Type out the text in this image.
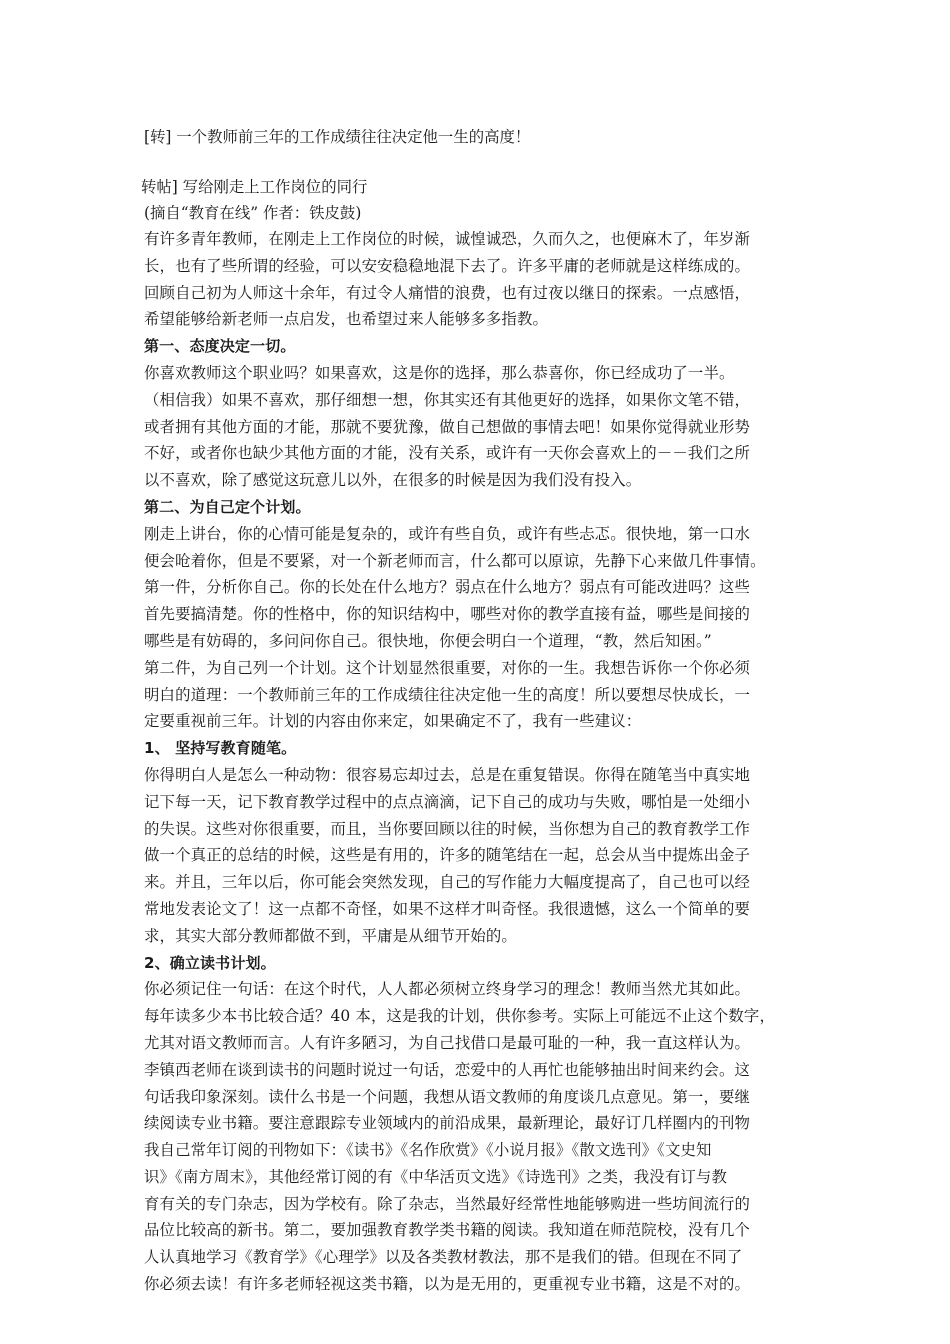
[转] 一个教师前三年的工作成绩往往决定他一生的高度！

转帖] 写给刚走上工作岗位的同行

(摘自“教育在线” 作者：铁皮鼓)

有许多青年教师，在刚走上工作岗位的时候，诚惶诚恐，久而久之，也便麻木了，年岁渐

长，也有了些所谓的经验，可以安安稳稳地混下去了。许多平庸的老师就是这样练成的。

回顾自己初为人师这十余年，有过令人痛惜的浪费，也有过夜以继日的探索。一点感悟，

希望能够给新老师一点启发，也希望过来人能够多多指教。

第一、态度决定一切。

你喜欢教师这个职业吗？如果喜欢，这是你的选择，那么恭喜你，你已经成功了一半。

（相信我）如果不喜欢，那仔细想一想，你其实还有其他更好的选择，如果你文笔不错，

或者拥有其他方面的才能，那就不要犹豫，做自己想做的事情去吧！如果你觉得就业形势

不好，或者你也缺少其他方面的才能，没有关系，或许有一天你会喜欢上的－－我们之所

以不喜欢，除了感觉这玩意儿以外，在很多的时候是因为我们没有投入。

第二、为自己定个计划。

刚走上讲台，你的心情可能是复杂的，或许有些自负，或许有些忐忑。很快地，第一口水

便会呛着你，但是不要紧，对一个新老师而言，什么都可以原谅，先静下心来做几件事情。

第一件，分析你自己。你的长处在什么地方？弱点在什么地方？弱点有可能改进吗？这些

首先要搞清楚。你的性格中，你的知识结构中，哪些对你的教学直接有益，哪些是间接的

哪些是有妨碍的，多问问你自己。很快地，你便会明白一个道理，“教，然后知困。”

第二件，为自己列一个计划。这个计划显然很重要，对你的一生。我想告诉你一个你必须

明白的道理：一个教师前三年的工作成绩往往决定他一生的高度！所以要想尽快成长，一

定要重视前三年。计划的内容由你来定，如果确定不了，我有一些建议：

1、 坚持写教育随笔。

你得明白人是怎么一种动物：很容易忘却过去，总是在重复错误。你得在随笔当中真实地

记下每一天，记下教育教学过程中的点点滴滴，记下自己的成功与失败，哪怕是一处细小

的失误。这些对你很重要，而且，当你要回顾以往的时候，当你想为自己的教育教学工作

做一个真正的总结的时候，这些是有用的，许多的随笔结在一起，总会从当中提炼出金子

来。并且，三年以后，你可能会突然发现，自己的写作能力大幅度提高了，自己也可以经

常地发表论文了！这一点都不奇怪，如果不这样才叫奇怪。我很遗憾，这么一个简单的要

求，其实大部分教师都做不到，平庸是从细节开始的。

2、确立读书计划。

你必须记住一句话：在这个时代，人人都必须树立终身学习的理念！教师当然尤其如此。

每年读多少本书比较合适？40 本，这是我的计划，供你参考。实际上可能远不止这个数字，

尤其对语文教师而言。人有许多陋习，为自己找借口是最可耻的一种，我一直这样认为。

李镇西老师在谈到读书的问题时说过一句话，恋爱中的人再忙也能够抽出时间来约会。这

句话我印象深刻。读什么书是一个问题，我想从语文教师的角度谈几点意见。第一，要继

续阅读专业书籍。要注意跟踪专业领域内的前沿成果，最新理论，最好订几样圈内的刊物

我自己常年订阅的刊物如下：《读书》《名作欣赏》《小说月报》《散文选刊》《文史知

识》《南方周末》，其他经常订阅的有《中华活页文选》《诗选刊》之类，我没有订与教

育有关的专门杂志，因为学校有。除了杂志，当然最好经常性地能够购进一些坊间流行的

品位比较高的新书。第二，要加强教育教学类书籍的阅读。我知道在师范院校，没有几个

人认真地学习《教育学》《心理学》以及各类教材教法，那不是我们的错。但现在不同了

你必须去读！有许多老师轻视这类书籍，以为是无用的，更重视专业书籍，这是不对的。
